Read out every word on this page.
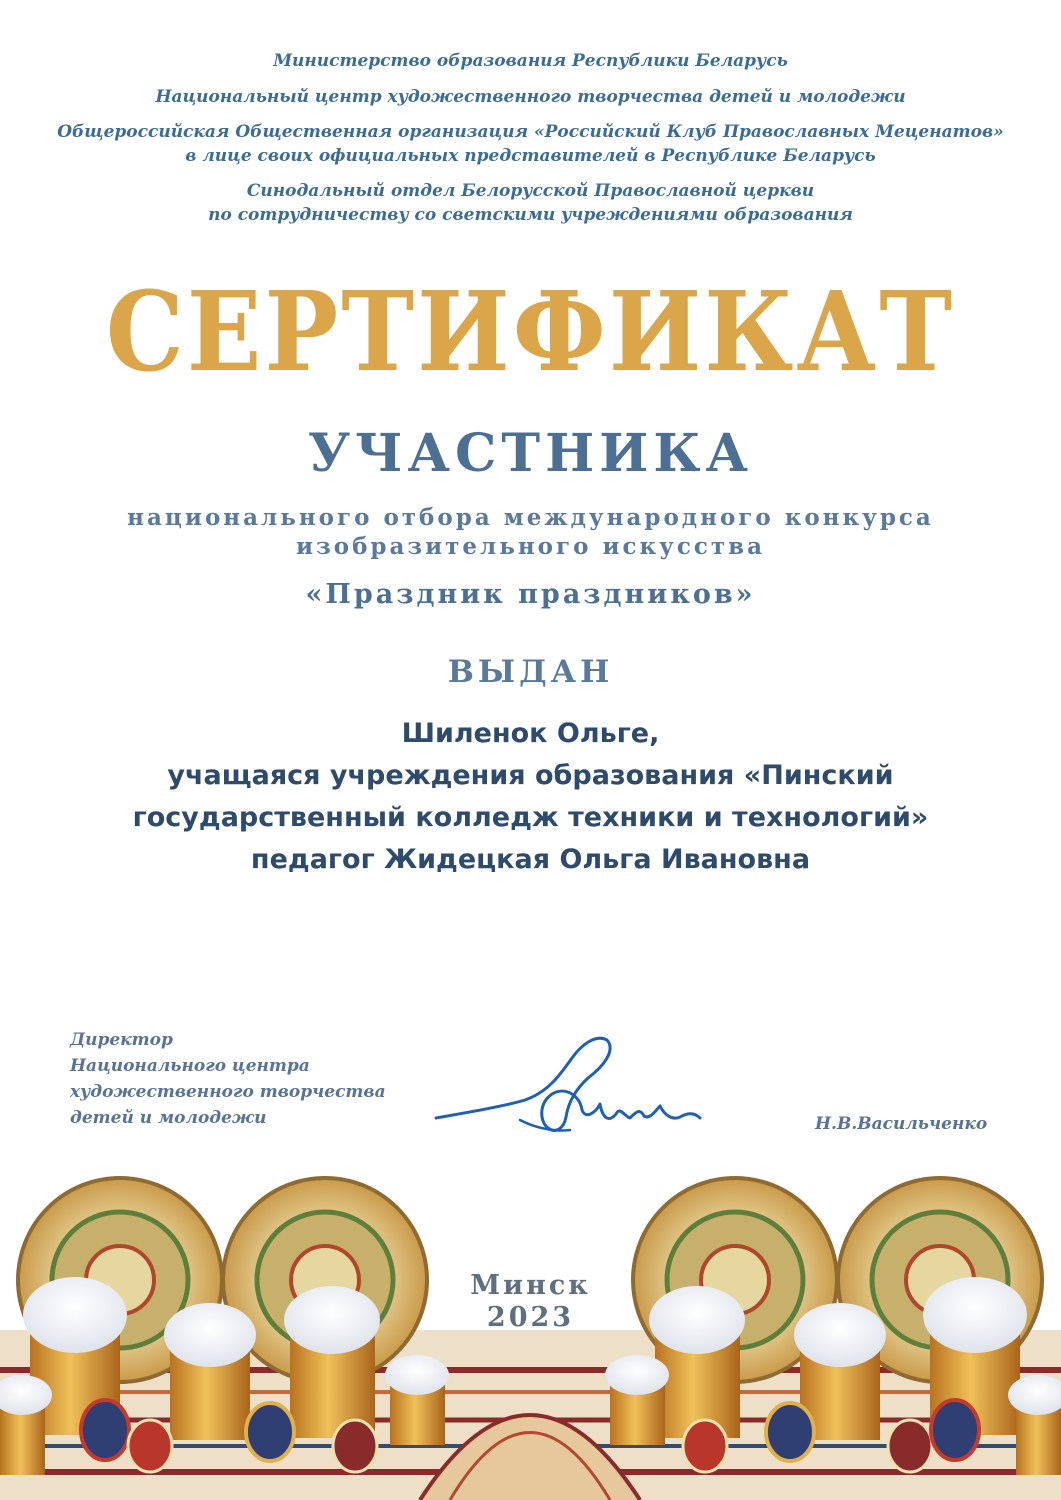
Министерство образования Республики Беларусь
Национальный центр художественного творчества детей и молодежи
Общероссийская Общественная организация «Российский Клуб Православных Меценатов»
в лице своих официальных представителей в Республике Беларусь
Синодальный отдел Белорусской Православной церкви
по сотрудничеству со светскими учреждениями образования
СЕРТИФИКАТ
УЧАСТНИКА
национального отбора международного конкурса
изобразительного искусства
«Праздник праздников»
ВЫДАН
Шиленок Ольге,
учащаяся учреждения образования «Пинский
государственный колледж техники и технологий»
педагог Жидецкая Ольга Ивановна
Директор
Национального центра
художественного творчества
детей и молодежи	Н.В.Васильченко
Минск
2023
